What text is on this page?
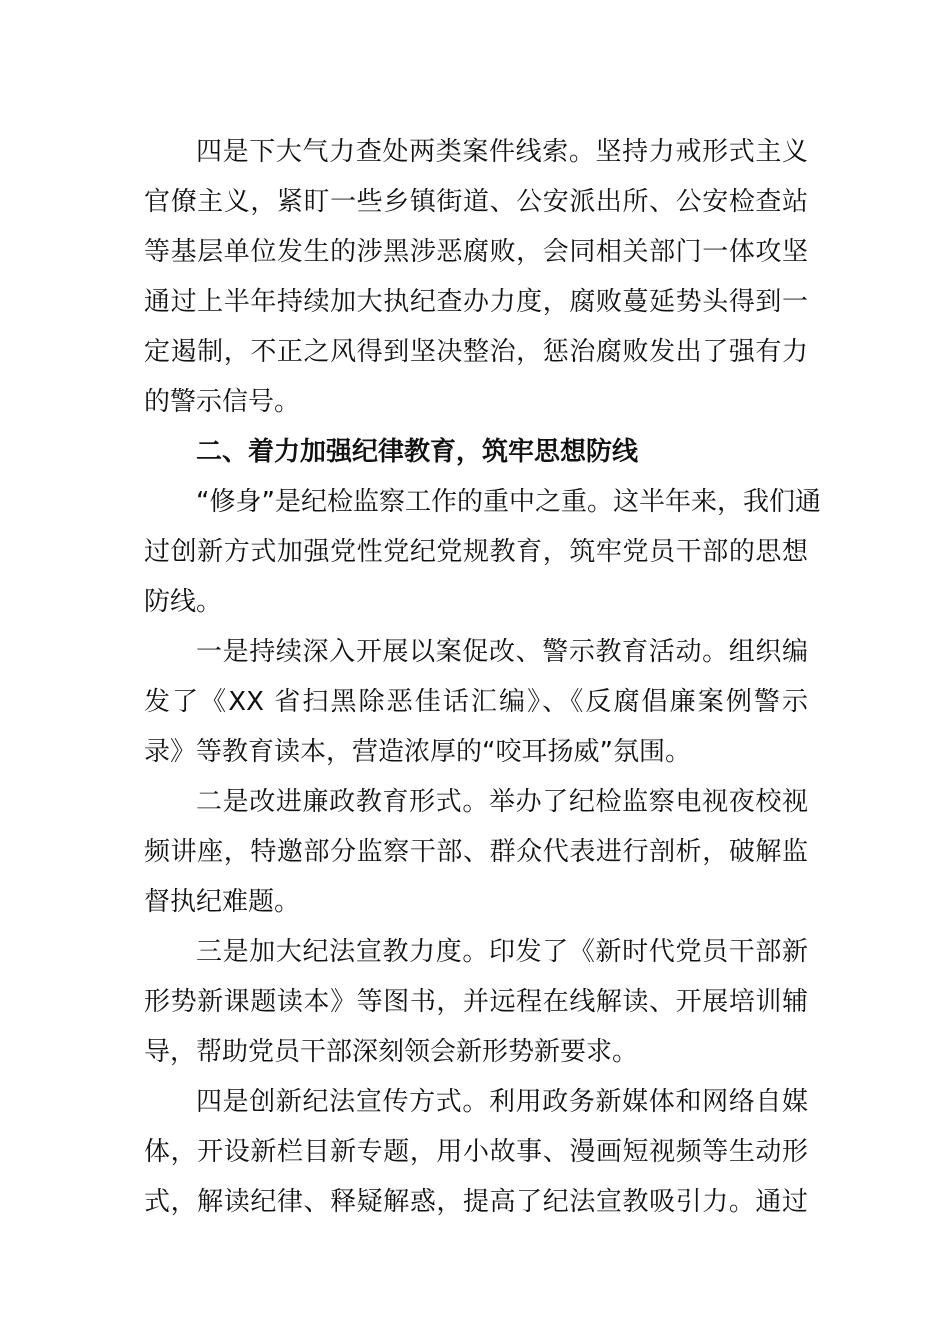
四是下大气力查处两类案件线索。坚持力戒形式主义
官僚主义，紧盯一些乡镇街道、公安派出所、公安检查站
等基层单位发生的涉黑涉恶腐败，会同相关部门一体攻坚
通过上半年持续加大执纪查办力度，腐败蔓延势头得到一
定遏制，不正之风得到坚决整治，惩治腐败发出了强有力
的警示信号。

二、着力加强纪律教育，筑牢思想防线

“修身”是纪检监察工作的重中之重。这半年来，我们通
过创新方式加强党性党纪党规教育，筑牢党员干部的思想
防线。

一是持续深入开展以案促改、警示教育活动。组织编
发了《XX 省扫黑除恶佳话汇编》、《反腐倡廉案例警示
录》等教育读本，营造浓厚的“咬耳扬威”氛围。

二是改进廉政教育形式。举办了纪检监察电视夜校视
频讲座，特邀部分监察干部、群众代表进行剖析，破解监
督执纪难题。

三是加大纪法宣教力度。印发了《新时代党员干部新
形势新课题读本》等图书，并远程在线解读、开展培训辅
导，帮助党员干部深刻领会新形势新要求。

四是创新纪法宣传方式。利用政务新媒体和网络自媒
体，开设新栏目新专题，用小故事、漫画短视频等生动形
式，解读纪律、释疑解惑，提高了纪法宣教吸引力。通过
